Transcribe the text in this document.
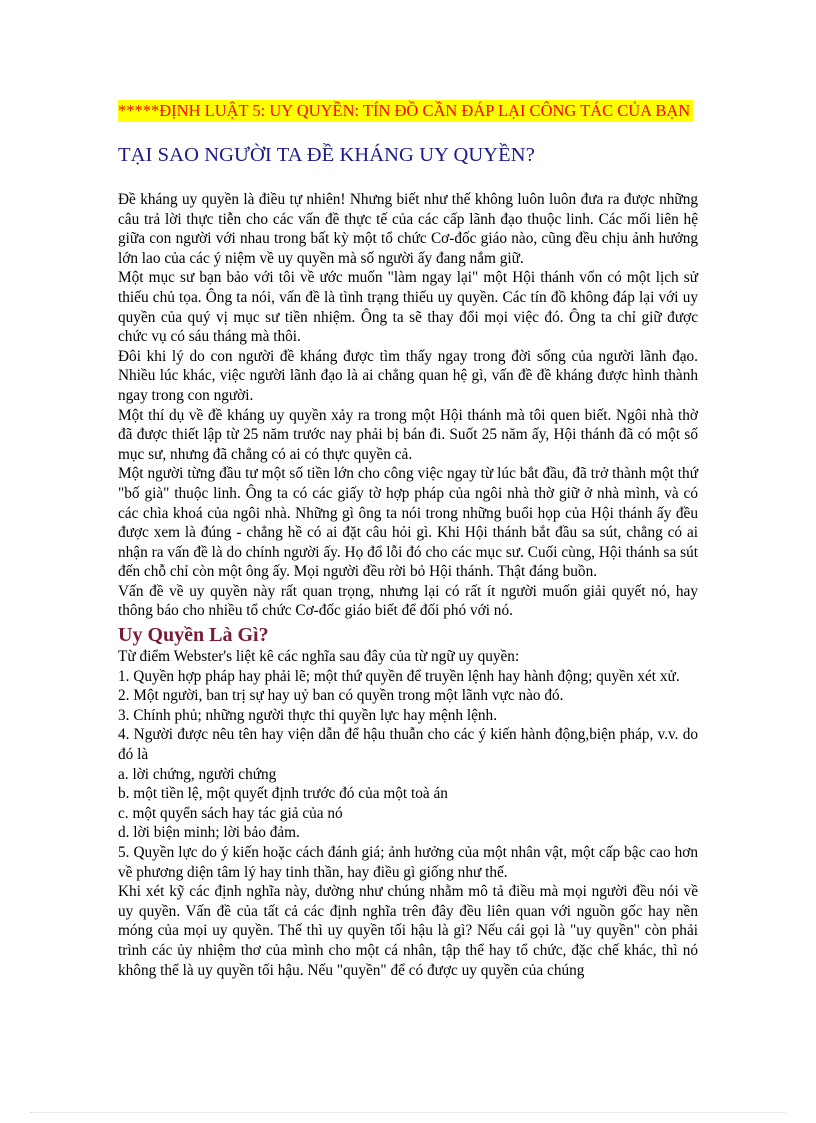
*****ĐỊNH LUẬT 5: UY QUYỀN: TÍN ĐỒ CẦN ĐÁP LẠI CÔNG TÁC CỦA BẠN
TẠI SAO NGƯỜI TA ĐỀ KHÁNG UY QUYỀN?

Đề kháng uy quyền là điều tự nhiên! Nhưng biết như thế không luôn luôn đưa ra được những câu trả lời thực tiễn cho các vấn đề thực tế của các cấp lãnh đạo thuộc linh. Các mối liên hệ giữa con người với nhau trong bất kỳ một tổ chức Cơ-đốc giáo nào, cũng đều chịu ảnh hưởng lớn lao của các ý niệm về uy quyền mà số người ấy đang nắm giữ.

Một mục sư bạn bảo với tôi về ước muốn "làm ngay lại" một Hội thánh vốn có một lịch sử thiếu chủ tọa. Ông ta nói, vấn đề là tình trạng thiếu uy quyền. Các tín đồ không đáp lại với uy quyền của quý vị mục sư tiền nhiệm. Ông ta sẽ thay đổi mọi việc đó. Ông ta chỉ giữ được chức vụ có sáu tháng mà thôi.

Đôi khi lý do con người đề kháng được tìm thấy ngay trong đời sống của người lãnh đạo. Nhiều lúc khác, việc người lãnh đạo là ai chẳng quan hệ gì, vấn đề đề kháng được hình thành ngay trong con người.

Một thí dụ về đề kháng uy quyền xảy ra trong một Hội thánh mà tôi quen biết. Ngôi nhà thờ đã được thiết lập từ 25 năm trước nay phải bị bán đi. Suốt 25 năm ấy, Hội thánh đã có một số mục sư, nhưng đã chẳng có ai có thực quyền cả.

Một người từng đầu tư một số tiền lớn cho công việc ngay từ lúc bắt đầu, đã trở thành một thứ "bố già" thuộc linh. Ông ta có các giấy tờ hợp pháp của ngôi nhà thờ giữ ở nhà mình, và có các chìa khoá của ngôi nhà. Những gì ông ta nói trong những buổi họp của Hội thánh ấy đều được xem là đúng - chẳng hề có ai đặt câu hỏi gì. Khi Hội thánh bắt đầu sa sút, chẳng có ai nhận ra vấn đề là do chính người ấy. Họ đổ lỗi đó cho các mục sư. Cuối cùng, Hội thánh sa sút đến chỗ chỉ còn một ông ấy. Mọi người đều rời bỏ Hội thánh. Thật đáng buồn.

Vấn đề về uy quyền này rất quan trọng, nhưng lại có rất ít người muốn giải quyết nó, hay thông báo cho nhiều tổ chức Cơ-đốc giáo biết để đối phó với nó.

Uy Quyền Là Gì?

Từ điểm Webster's liệt kê các nghĩa sau đây của từ ngữ uy quyền:

1. Quyền hợp pháp hay phải lẽ; một thứ quyền để truyền lệnh hay hành động; quyền xét xử.

2. Một người, ban trị sự hay uỷ ban có quyền trong một lãnh vực nào đó.

3. Chính phủ; những người thực thi quyền lực hay mệnh lệnh.

4. Người được nêu tên hay viện dẫn để hậu thuẫn cho các ý kiến hành động,biện pháp, v.v. do đó là

a. lời chứng, người chứng

b. một tiền lệ, một quyết định trước đó của một toà án

c. một quyển sách hay tác giả của nó

d. lời biện minh; lời bảo đảm.

5. Quyền lực do ý kiến hoặc cách đánh giá; ảnh hưởng của một nhân vật, một cấp bậc cao hơn về phương diện tâm lý hay tinh thần, hay điều gì giống như thế.

Khi xét kỹ các định nghĩa này, dường như chúng nhằm mô tả điều mà mọi người đều nói về uy quyền. Vấn đề của tất cả các định nghĩa trên đây đều liên quan với nguồn gốc hay nền móng của mọi uy quyền. Thế thì uy quyền tối hậu là gì? Nếu cái gọi là "uy quyền" còn phải trình các ủy nhiệm thơ của mình cho một cá nhân, tập thể hay tổ chức, đặc chế khác, thì nó không thể là uy quyền tối hậu. Nếu "quyền" để có được uy quyền của chúng
